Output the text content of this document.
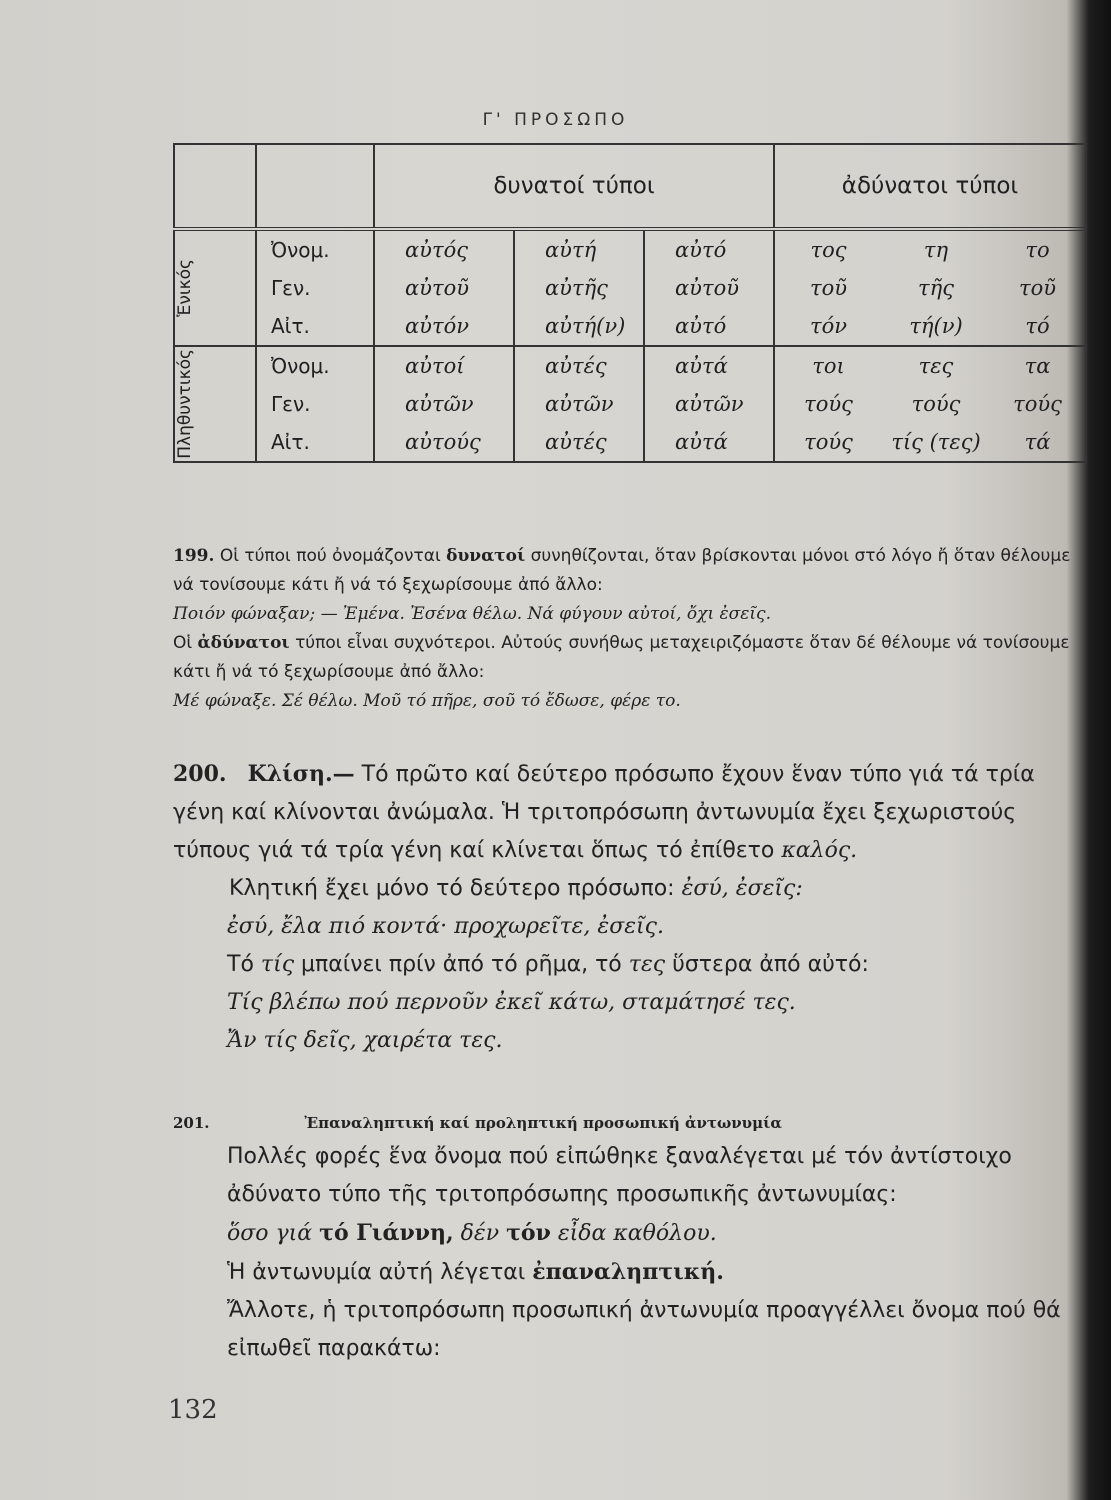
Γ' ΠΡΟΣΩΠΟ
		δυνατοί τύποι			ἀδύνατοι τύποι		

Ἑνικός	Ὀνομ.	αὐτός	αὐτή	αὐτό	τος	τη	το
	Γεν.	αὐτοῦ	αὐτῆς	αὐτοῦ	τοῦ	τῆς	τοῦ
	Αἰτ.	αὐτόν	αὐτή(ν)	αὐτό	τόν	τή(ν)	τό

Πληθυντικός	Ὀνομ.	αὐτοί	αὐτές	αὐτά	τοι	τες	τα
	Γεν.	αὐτῶν	αὐτῶν	αὐτῶν	τούς	τούς	τούς
	Αἰτ.	αὐτούς	αὐτές	αὐτά	τούς	τίς (τες)	τά
199. Οἱ τύποι πού ὀνομάζονται δυνατοί συνηθίζονται, ὅταν βρίσκονται μόνοι στό λόγο ἤ ὅταν θέλουμε νά τονίσουμε κάτι ἤ νά τό ξεχωρίσουμε ἀπό ἄλλο:
Ποιόν φώναξαν; — Ἐμένα. Ἐσένα θέλω. Νά φύγουν αὐτοί, ὄχι ἐσεῖς.
Οἱ ἀδύνατοι τύποι εἶναι συχνότεροι. Αὐτούς συνήθως μεταχειριζόμαστε ὅταν δέ θέλουμε νά τονίσουμε κάτι ἤ νά τό ξεχωρίσουμε ἀπό ἄλλο:
Μέ φώναξε. Σέ θέλω. Μοῦ τό πῆρε, σοῦ τό ἔδωσε, φέρε το.
200. Κλίση.— Τό πρῶτο καί δεύτερο πρόσωπο ἔχουν ἕναν τύπο γιά τά τρία γένη καί κλίνονται ἀνώμαλα. Ἡ τριτοπρόσωπη ἀντωνυμία ἔχει ξεχωριστούς τύπους γιά τά τρία γένη καί κλίνεται ὅπως τό ἐπίθετο καλός.
Κλητική ἔχει μόνο τό δεύτερο πρόσωπο: ἐσύ, ἐσεῖς:
ἐσύ, ἔλα πιό κοντά· προχωρεῖτε, ἐσεῖς.
Τό τίς μπαίνει πρίν ἀπό τό ρῆμα, τό τες ὕστερα ἀπό αὐτό:
Τίς βλέπω πού περνοῦν ἐκεῖ κάτω, σταμάτησέ τες.
Ἄν τίς δεῖς, χαιρέτα τες.
201.	Ἐπαναληπτική καί προληπτική προσωπική ἀντωνυμία
Πολλές φορές ἕνα ὄνομα πού εἰπώθηκε ξαναλέγεται μέ τόν ἀντίστοιχο ἀδύνατο τύπο τῆς τριτοπρόσωπης προσωπικῆς ἀντωνυμίας:
ὅσο γιά τό Γιάννη, δέν τόν εἶδα καθόλου.
Ἡ ἀντωνυμία αὐτή λέγεται ἐπαναληπτική.
Ἄλλοτε, ἡ τριτοπρόσωπη προσωπική ἀντωνυμία προαγγέλλει ὄνομα πού θά εἰπωθεῖ παρακάτω:
132
